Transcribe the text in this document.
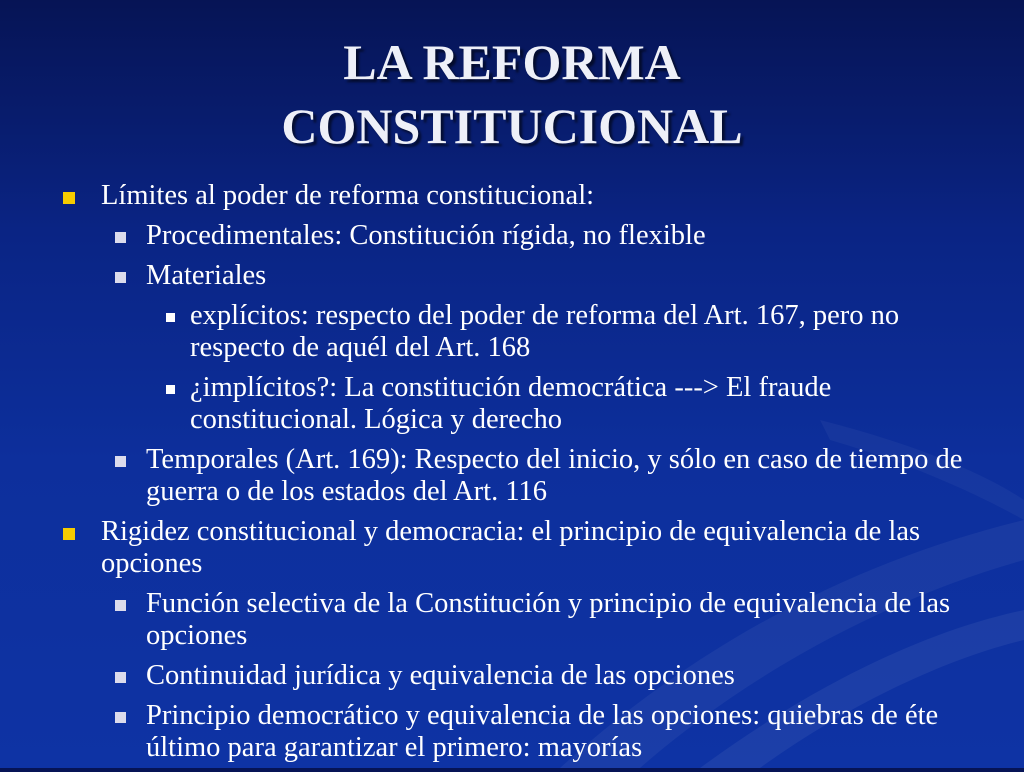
LA REFORMA
CONSTITUCIONAL
Límites al poder de reforma constitucional:
Procedimentales: Constitución rígida, no flexible
Materiales
explícitos: respecto del poder de reforma del Art. 167, pero no respecto de aquél del Art. 168
¿implícitos?: La constitución democrática ---> El fraude constitucional. Lógica y derecho
Temporales (Art. 169): Respecto del inicio, y sólo en caso de tiempo de guerra o de los estados del Art. 116
Rigidez constitucional y democracia: el principio de equivalencia de las opciones
Función selectiva de la Constitución y principio de equivalencia de las opciones
Continuidad jurídica y equivalencia de las opciones
Principio democrático y equivalencia de las opciones: quiebras de éte último para garantizar el primero: mayorías
